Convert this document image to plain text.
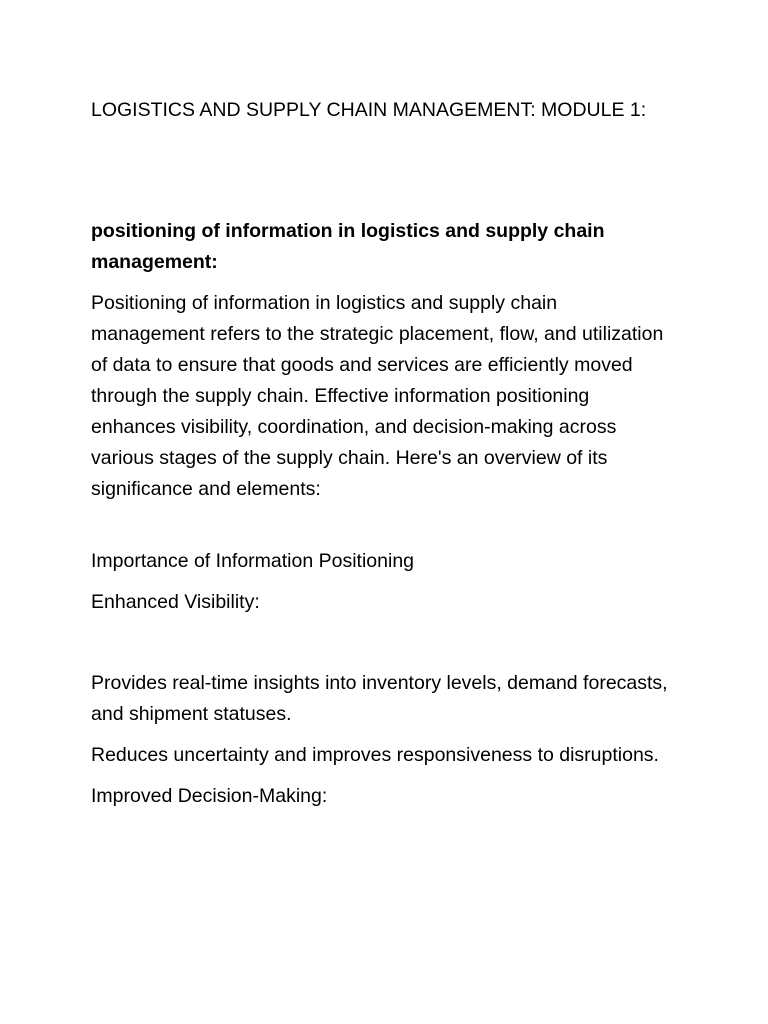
LOGISTICS AND SUPPLY CHAIN MANAGEMENT: MODULE 1:

positioning of information in logistics and supply chain management:

Positioning of information in logistics and supply chain management refers to the strategic placement, flow, and utilization of data to ensure that goods and services are efficiently moved through the supply chain. Effective information positioning enhances visibility, coordination, and decision-making across various stages of the supply chain. Here's an overview of its significance and elements:

Importance of Information Positioning

Enhanced Visibility:

Provides real-time insights into inventory levels, demand forecasts, and shipment statuses.

Reduces uncertainty and improves responsiveness to disruptions.

Improved Decision-Making:
